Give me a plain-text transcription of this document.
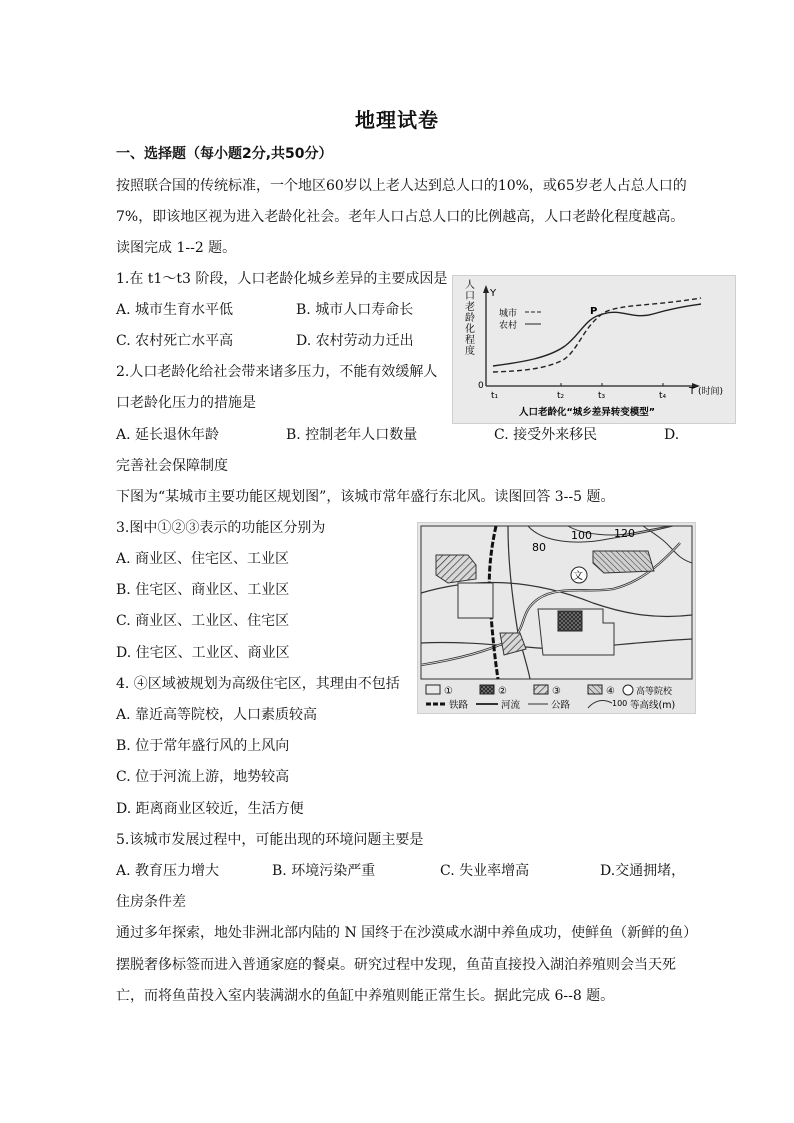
地理试卷
一、选择题（每小题2分,共50分）
按照联合国的传统标准，一个地区60岁以上老人达到总人口的10%，或65岁老人占总人口的
7%，即该地区视为进入老龄化社会。老年人口占总人口的比例越高，人口老龄化程度越高。
读图完成 1--2 题。
1.在 t1～t3 阶段，人口老龄化城乡差异的主要成因是
A. 城市生育水平低	B. 城市人口寿命长
C. 农村死亡水平高	D. 农村劳动力迁出
2.人口老龄化给社会带来诸多压力，不能有效缓解人
口老龄化压力的措施是
A. 延长退休年龄	B. 控制老年人口数量	C. 接受外来移民	D.
完善社会保障制度
人 口 老 龄 化 程 度
Y
T (时间)
0
t₁	t₂	t₃	t₄
P
城市
农村
人口老龄化“城乡差异转变模型”
下图为“某城市主要功能区规划图”，该城市常年盛行东北风。读图回答 3--5 题。
3.图中①②③表示的功能区分别为
A. 商业区、住宅区、工业区
B. 住宅区、商业区、工业区
C. 商业区、工业区、住宅区
D. 住宅区、工业区、商业区
4. ④区域被规划为高级住宅区，其理由不包括
A. 靠近高等院校，人口素质较高
B. 位于常年盛行风的上风向
C. 位于河流上游，地势较高
D. 距离商业区较近，生活方便
5.该城市发展过程中，可能出现的环境问题主要是
A. 教育压力增大	B. 环境污染严重	C. 失业率增高	D.交通拥堵，
住房条件差
文
80
100 120
①	②	③	④ 高等院校
铁路	河流	公路	100 等高线(m)
通过多年探索，地处非洲北部内陆的 N 国终于在沙漠咸水湖中养鱼成功，使鲜鱼（新鲜的鱼）
摆脱奢侈标签而进入普通家庭的餐桌。研究过程中发现，鱼苗直接投入湖泊养殖则会当天死
亡，而将鱼苗投入室内装满湖水的鱼缸中养殖则能正常生长。据此完成 6--8 题。
